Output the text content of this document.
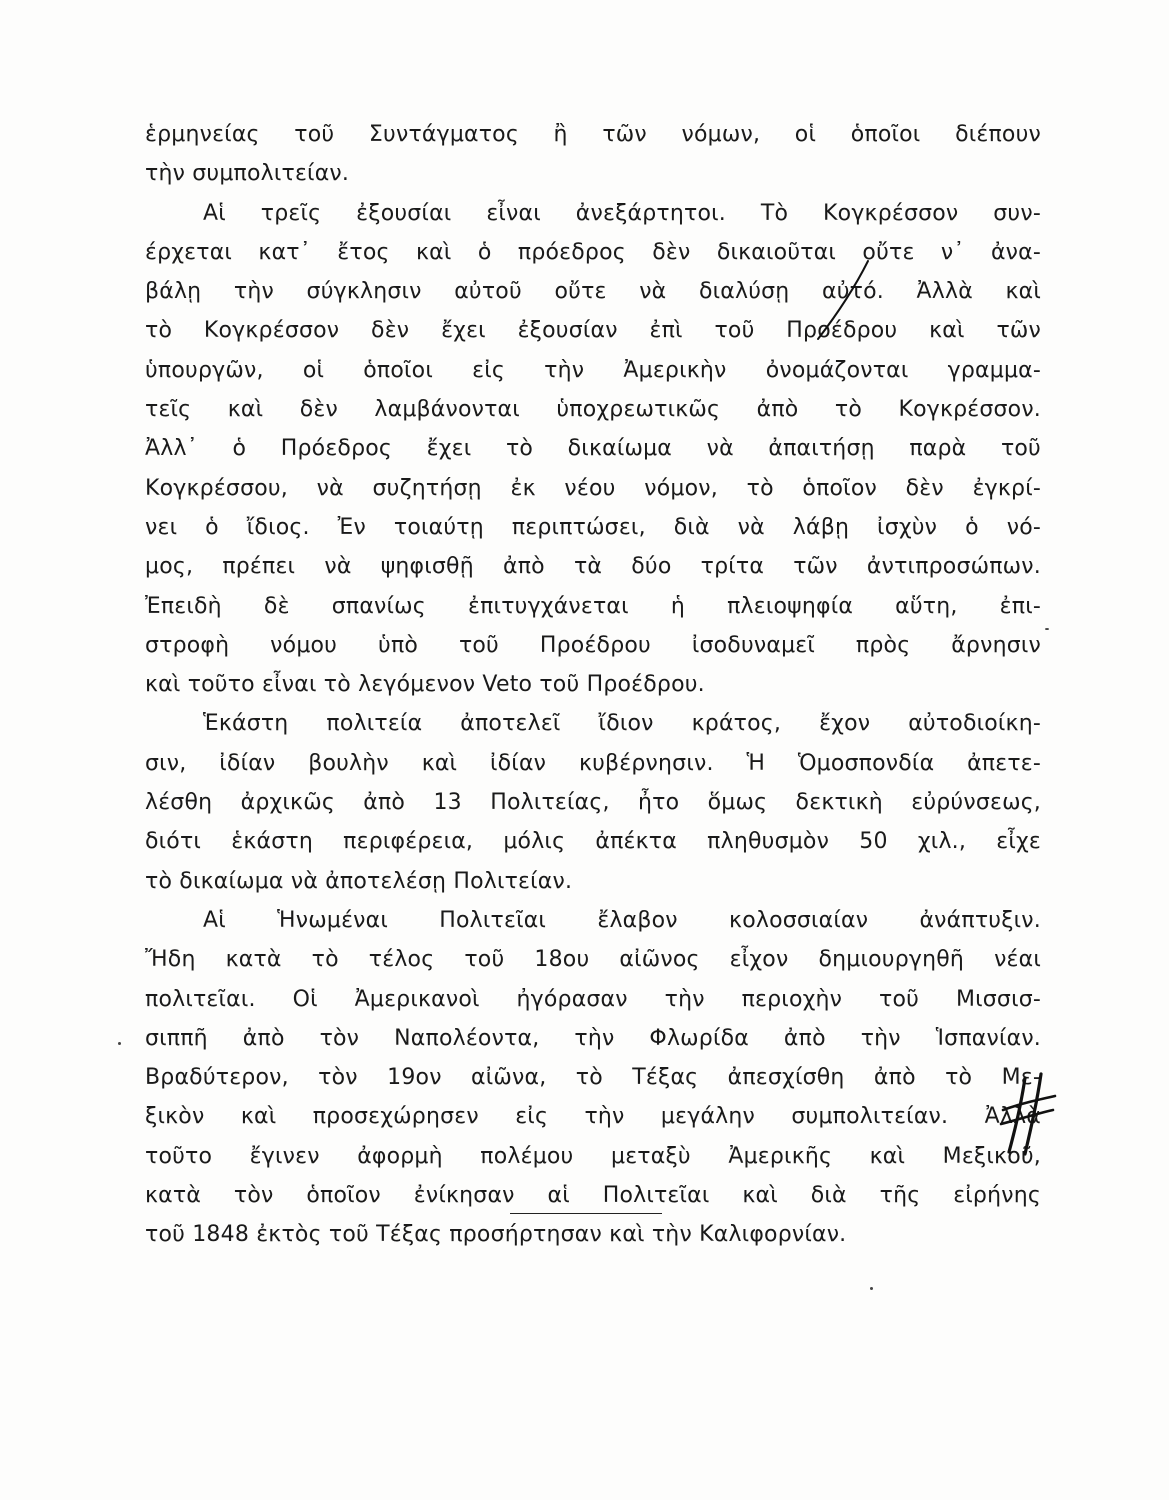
ἑρμηνείας τοῦ Συντάγματος ἢ τῶν νόμων, οἱ ὁποῖοι διέπουν
τὴν συμπολιτείαν.
Αἱ τρεῖς ἐξουσίαι εἶναι ἀνεξάρτητοι. Τὸ Κογκρέσσον συν-
έρχεται κατ᾽ ἔτος καὶ ὁ πρόεδρος δὲν δικαιοῦται οὔτε ν᾽ ἀνα-
βάλῃ τὴν σύγκλησιν αὐτοῦ οὔτε νὰ διαλύσῃ αὐτό. Ἀλλὰ καὶ
τὸ Κογκρέσσον δὲν ἔχει ἐξουσίαν ἐπὶ τοῦ Προέδρου καὶ τῶν
ὑπουργῶν, οἱ ὁποῖοι εἰς τὴν Ἀμερικὴν ὀνομάζονται γραμμα-
τεῖς καὶ δὲν λαμβάνονται ὑποχρεωτικῶς ἀπὸ τὸ Κογκρέσσον.
Ἀλλ᾽ ὁ Πρόεδρος ἔχει τὸ δικαίωμα νὰ ἀπαιτήσῃ παρὰ τοῦ
Κογκρέσσου, νὰ συζητήσῃ ἐκ νέου νόμον, τὸ ὁποῖον δὲν ἐγκρί-
νει ὁ ἴδιος. Ἐν τοιαύτῃ περιπτώσει, διὰ νὰ λάβῃ ἰσχὺν ὁ νό-
μος, πρέπει νὰ ψηφισθῇ ἀπὸ τὰ δύο τρίτα τῶν ἀντιπροσώπων.
Ἐπειδὴ δὲ σπανίως ἐπιτυγχάνεται ἡ πλειοψηφία αὕτη, ἐπι-
στροφὴ νόμου ὑπὸ τοῦ Προέδρου ἰσοδυναμεῖ πρὸς ἄρνησιν
καὶ τοῦτο εἶναι τὸ λεγόμενον Veto τοῦ Προέδρου.
Ἑκάστη πολιτεία ἀποτελεῖ ἴδιον κράτος, ἔχον αὐτοδιοίκη-
σιν, ἰδίαν βουλὴν καὶ ἰδίαν κυβέρνησιν. Ἡ Ὁμοσπονδία ἀπετε-
λέσθη ἀρχικῶς ἀπὸ 13 Πολιτείας, ἦτο ὅμως δεκτικὴ εὐρύνσεως,
διότι ἑκάστη περιφέρεια, μόλις ἀπέκτα πληθυσμὸν 50 χιλ., εἶχε
τὸ δικαίωμα νὰ ἀποτελέσῃ Πολιτείαν.
Αἱ Ἡνωμέναι Πολιτεῖαι ἔλαβον κολοσσιαίαν ἀνάπτυξιν.
Ἤδη κατὰ τὸ τέλος τοῦ 18ου αἰῶνος εἶχον δημιουργηθῆ νέαι
πολιτεῖαι. Οἱ Ἀμερικανοὶ ἠγόρασαν τὴν περιοχὴν τοῦ Μισσισ-
σιππῆ ἀπὸ τὸν Ναπολέοντα, τὴν Φλωρίδα ἀπὸ τὴν Ἱσπανίαν.
Βραδύτερον, τὸν 19ον αἰῶνα, τὸ Τέξας ἀπεσχίσθη ἀπὸ τὸ Με-
ξικὸν καὶ προσεχώρησεν εἰς τὴν μεγάλην συμπολιτείαν. Ἀλλὰ
τοῦτο ἔγινεν ἀφορμὴ πολέμου μεταξὺ Ἀμερικῆς καὶ Μεξικοῦ,
κατὰ τὸν ὁποῖον ἐνίκησαν αἱ Πολιτεῖαι καὶ διὰ τῆς εἰρήνης
τοῦ 1848 ἐκτὸς τοῦ Τέξας προσήρτησαν καὶ τὴν Καλιφορνίαν.
